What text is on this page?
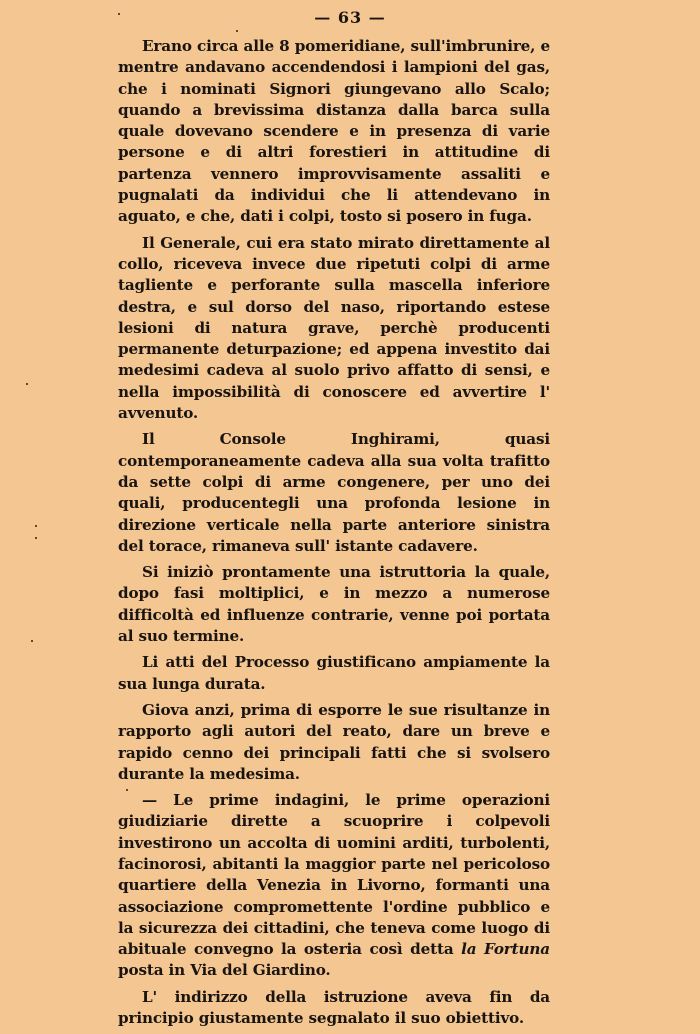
— 63 —

Erano circa alle 8 pomeridiane, sull'imbrunire, e mentre andavano accendendosi i lampioni del gas, che i nominati Signori giungevano allo Scalo; quando a brevissima distanza dalla barca sulla quale dovevano scendere e in presenza di varie persone e di altri forestieri in attitudine di partenza vennero improvvisamente assaliti e pugnalati da individui che li attendevano in aguato, e che, dati i colpi, tosto si posero in fuga.

Il Generale, cui era stato mirato direttamente al collo, riceveva invece due ripetuti colpi di arme tagliente e perforante sulla mascella inferiore destra, e sul dorso del naso, riportando estese lesioni di natura grave, perchè producenti permanente deturpazione; ed appena investito dai medesimi cadeva al suolo privo affatto di sensi, e nella impossibilità di conoscere ed avvertire l' avvenuto.

Il Console Inghirami, quasi contemporaneamente cadeva alla sua volta trafitto da sette colpi di arme congenere, per uno dei quali, producentegli una profonda lesione in direzione verticale nella parte anteriore sinistra del torace, rimaneva sull' istante cadavere.

Si iniziò prontamente una istruttoria la quale, dopo fasi moltiplici, e in mezzo a numerose difficoltà ed influenze contrarie, venne poi portata al suo termine.

Li atti del Processo giustificano ampiamente la sua lunga durata.

Giova anzi, prima di esporre le sue risultanze in rapporto agli autori del reato, dare un breve e rapido cenno dei principali fatti che si svolsero durante la medesima.

— Le prime indagini, le prime operazioni giudiziarie dirette a scuoprire i colpevoli investirono un accolta di uomini arditi, turbolenti, facinorosi, abitanti la maggior parte nel pericoloso quartiere della Venezia in Livorno, formanti una associazione compromettente l'ordine pubblico e la sicurezza dei cittadini, che teneva come luogo di abituale convegno la osteria così detta la Fortuna posta in Via del Giardino.

L' indirizzo della istruzione aveva fin da principio giustamente segnalato il suo obiettivo.
